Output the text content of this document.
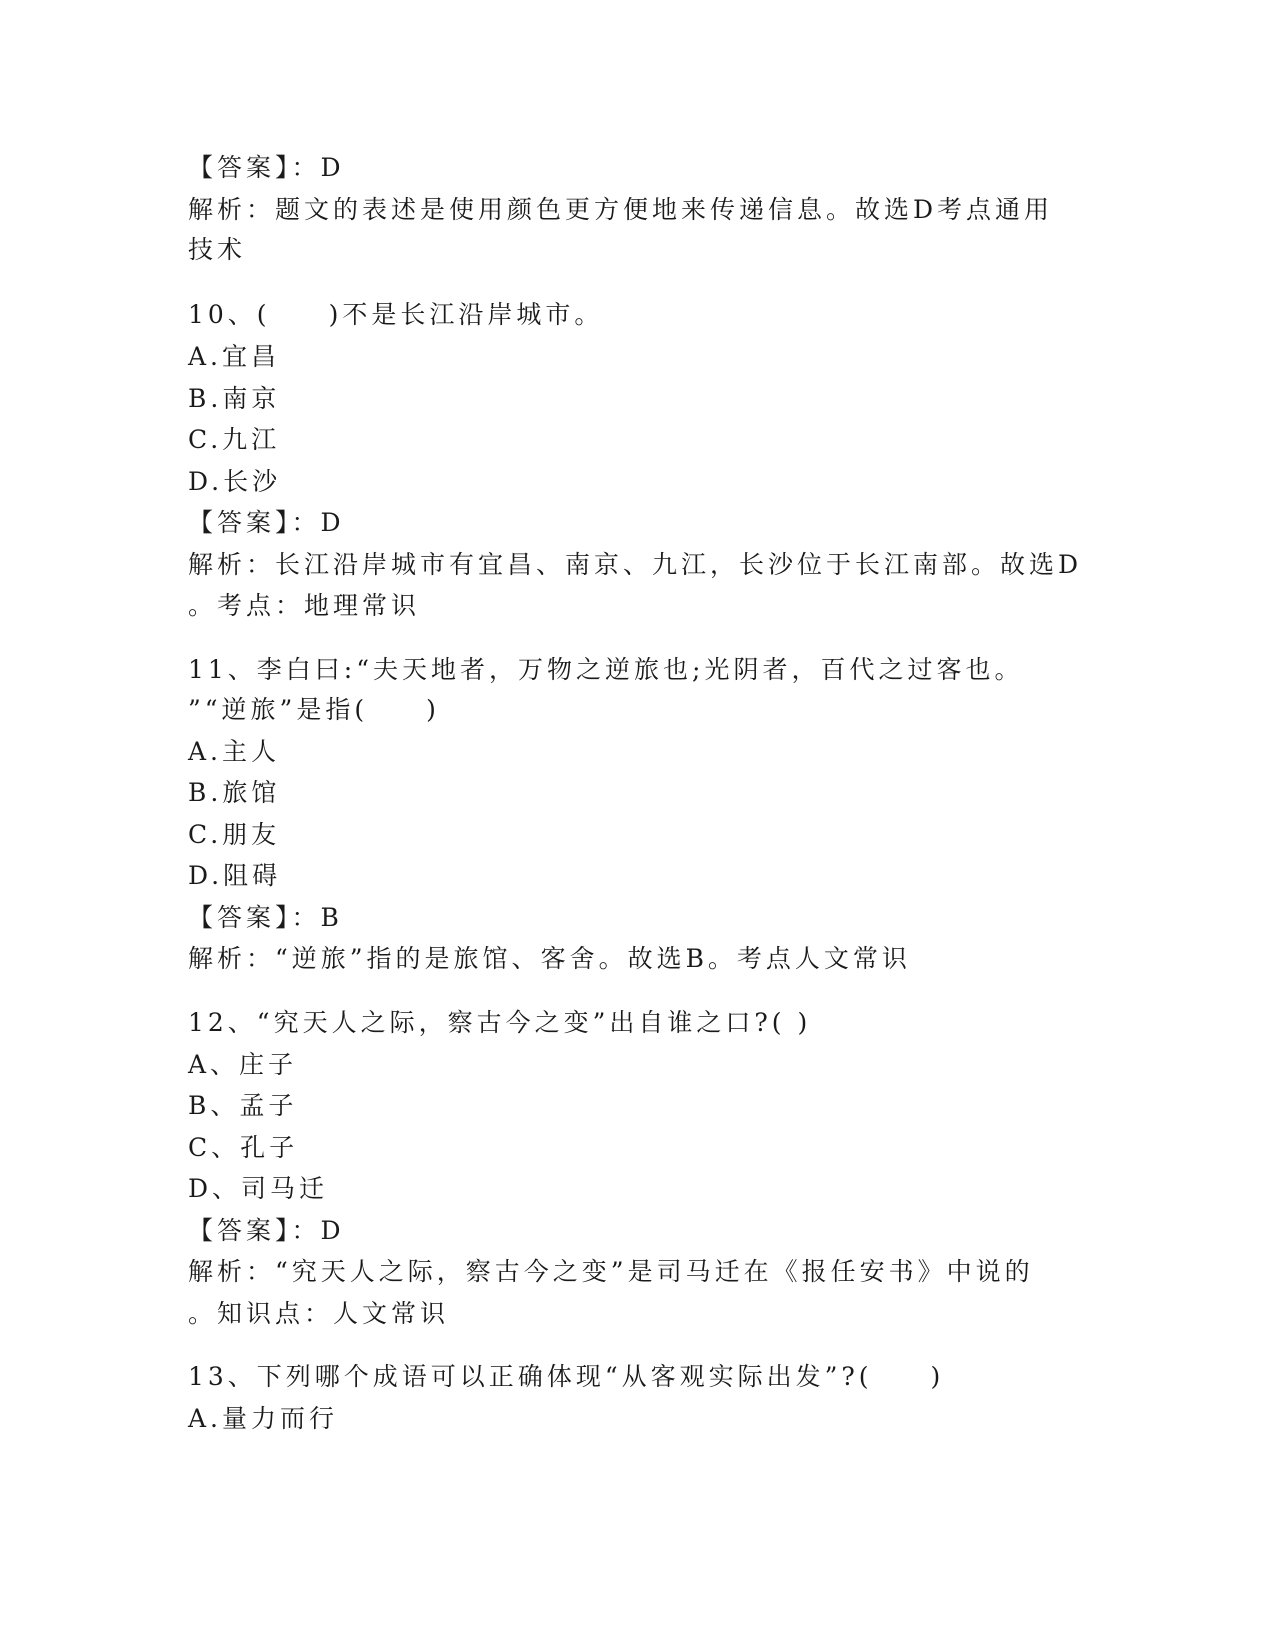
【答案】：D
解析：题文的表述是使用颜色更方便地来传递信息。故选D考点通用
技术
10、(　　)不是长江沿岸城市。
A.宜昌
B.南京
C.九江
D.长沙
【答案】：D
解析：长江沿岸城市有宜昌、南京、九江，长沙位于长江南部。故选D
。考点：地理常识
11、李白曰:“夫天地者，万物之逆旅也;光阴者，百代之过客也。
”“逆旅”是指(　　)
A.主人
B.旅馆
C.朋友
D.阻碍
【答案】：B
解析：“逆旅”指的是旅馆、客舍。故选B。考点人文常识
12、“究天人之际，察古今之变”出自谁之口?( )
A、庄子
B、孟子
C、孔子
D、司马迁
【答案】：D
解析：“究天人之际，察古今之变”是司马迁在《报任安书》中说的
。知识点：人文常识
13、下列哪个成语可以正确体现“从客观实际出发”?(　　)
A.量力而行
